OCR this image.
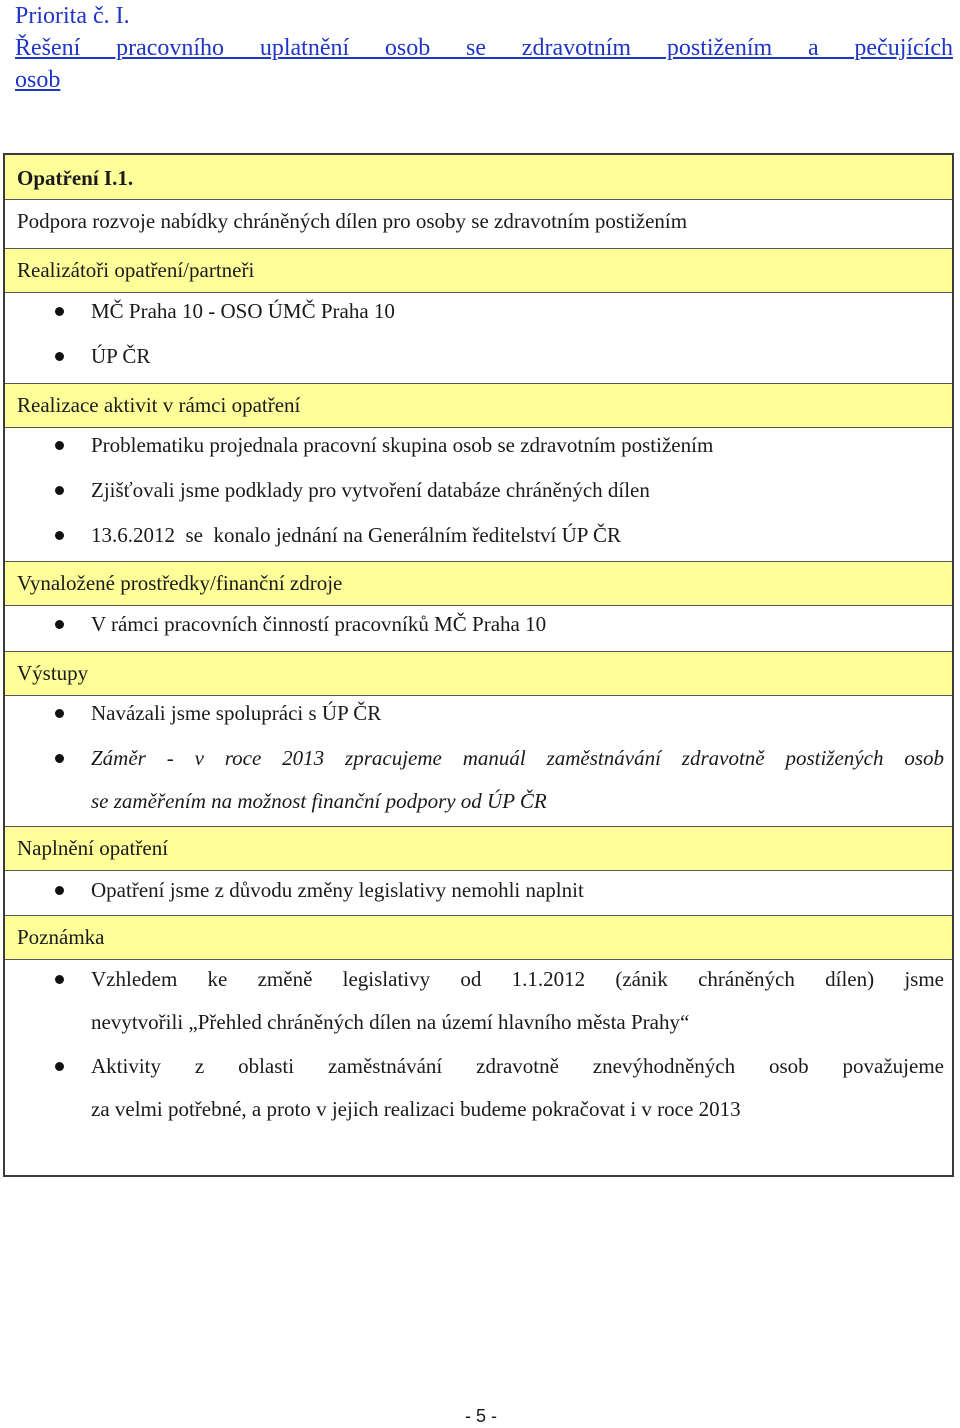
Priorita č. I.
Řešení pracovního uplatnění osob se zdravotním postižením a pečujících
osob
Opatření I.1.
Podpora rozvoje nabídky chráněných dílen pro osoby se zdravotním postižením
Realizátoři opatření/partneři
MČ Praha 10 - OSO ÚMČ Praha 10
ÚP ČR
Realizace aktivit v rámci opatření
Problematiku projednala pracovní skupina osob se zdravotním postižením
Zjišťovali jsme podklady pro vytvoření databáze chráněných dílen
13.6.2012  se  konalo jednání na Generálním ředitelství ÚP ČR
Vynaložené prostředky/finanční zdroje
V rámci pracovních činností pracovníků MČ Praha 10
Výstupy
Navázali jsme spolupráci s ÚP ČR
Záměr - v roce 2013 zpracujeme manuál zaměstnávání zdravotně postižených osob
se zaměřením na možnost finanční podpory od ÚP ČR
Naplnění opatření
Opatření jsme z důvodu změny legislativy nemohli naplnit
Poznámka
Vzhledem ke změně legislativy od 1.1.2012 (zánik chráněných dílen) jsme
nevytvořili „Přehled chráněných dílen na území hlavního města Prahy“
Aktivity z oblasti zaměstnávání zdravotně znevýhodněných osob považujeme
za velmi potřebné, a proto v jejich realizaci budeme pokračovat i v roce 2013
- 5 -
